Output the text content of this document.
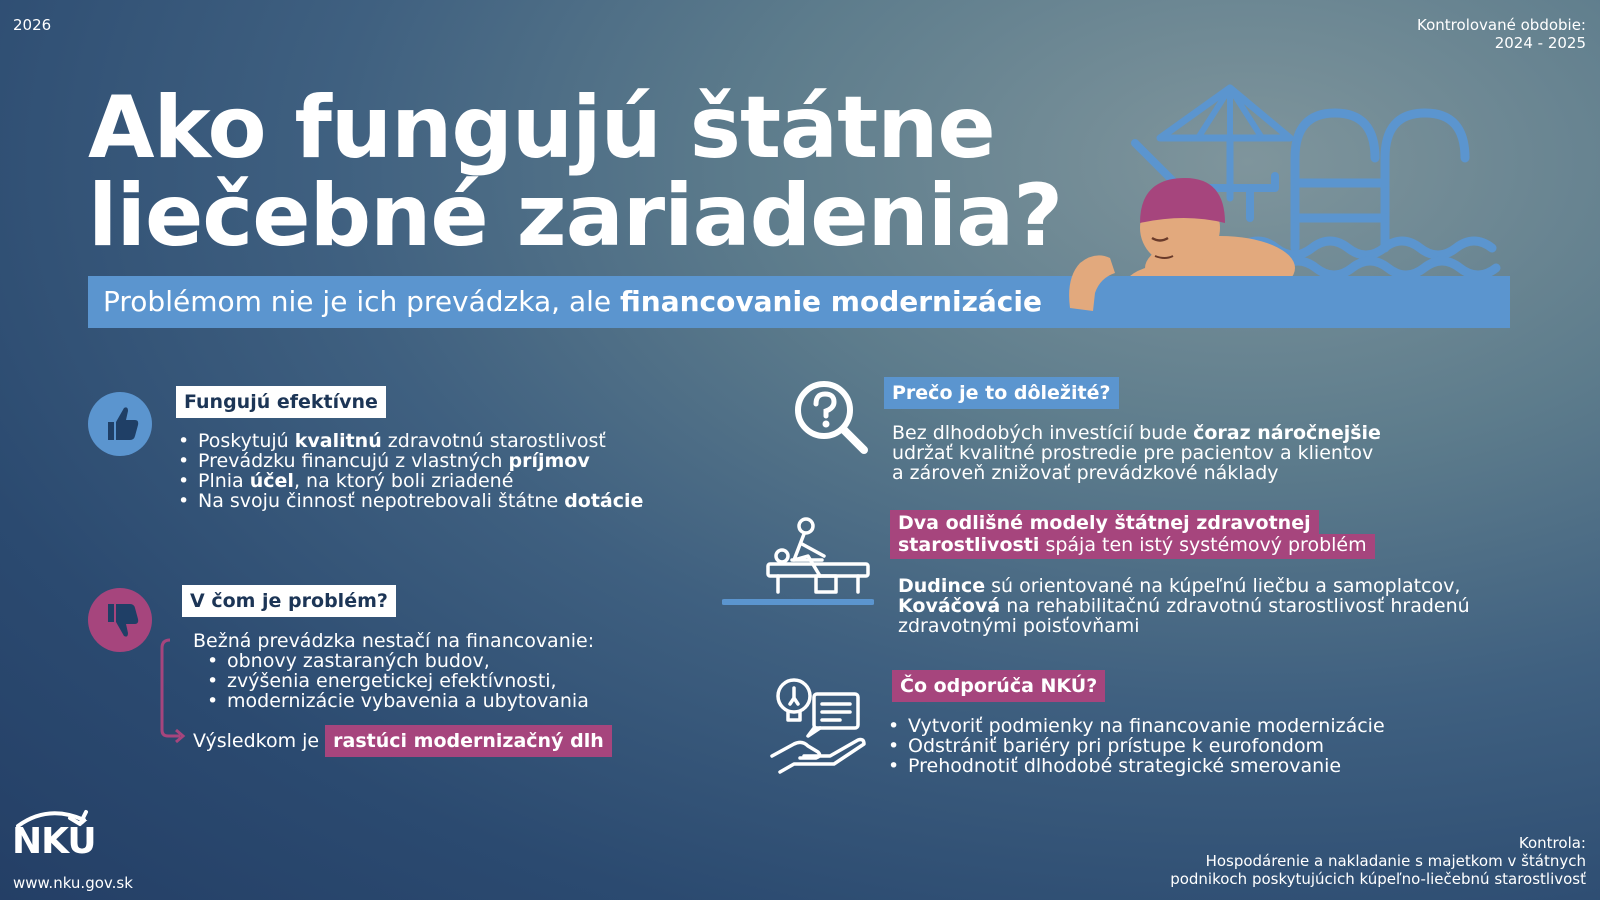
2026	Kontrolované obdobie:
2024 - 2025
Ako fungujú štátne
liečebné zariadenia?
Problémom nie je ich prevádzka, ale financovanie modernizácie
Fungujú efektívne
• Poskytujú kvalitnú zdravotnú starostlivosť
• Prevádzku financujú z vlastných príjmov
• Plnia účel, na ktorý boli zriadené
• Na svoju činnosť nepotrebovali štátne dotácie
V čom je problém?
Bežná prevádzka nestačí na financovanie:
• obnovy zastaraných budov,
• zvýšenia energetickej efektívnosti,
• modernizácie vybavenia a ubytovania
Výsledkom je rastúci modernizačný dlh
Prečo je to dôležité?
Bez dlhodobých investícií bude čoraz náročnejšie
udržať kvalitné prostredie pre pacientov a klientov
a zároveň znižovať prevádzkové náklady
Dva odlišné modely štátnej zdravotnej
starostlivosti spája ten istý systémový problém
Dudince sú orientované na kúpeľnú liečbu a samoplatcov,
Kováčová na rehabilitačnú zdravotnú starostlivosť hradenú
zdravotnými poisťovňami
Čo odporúča NKÚ?
• Vytvoriť podmienky na financovanie modernizácie
• Odstrániť bariéry pri prístupe k eurofondom
• Prehodnotiť dlhodobé strategické smerovanie
NKÚ
www.nku.gov.sk
Kontrola:
Hospodárenie a nakladanie s majetkom v štátnych
podnikoch poskytujúcich kúpeľno-liečebnú starostlivosť
